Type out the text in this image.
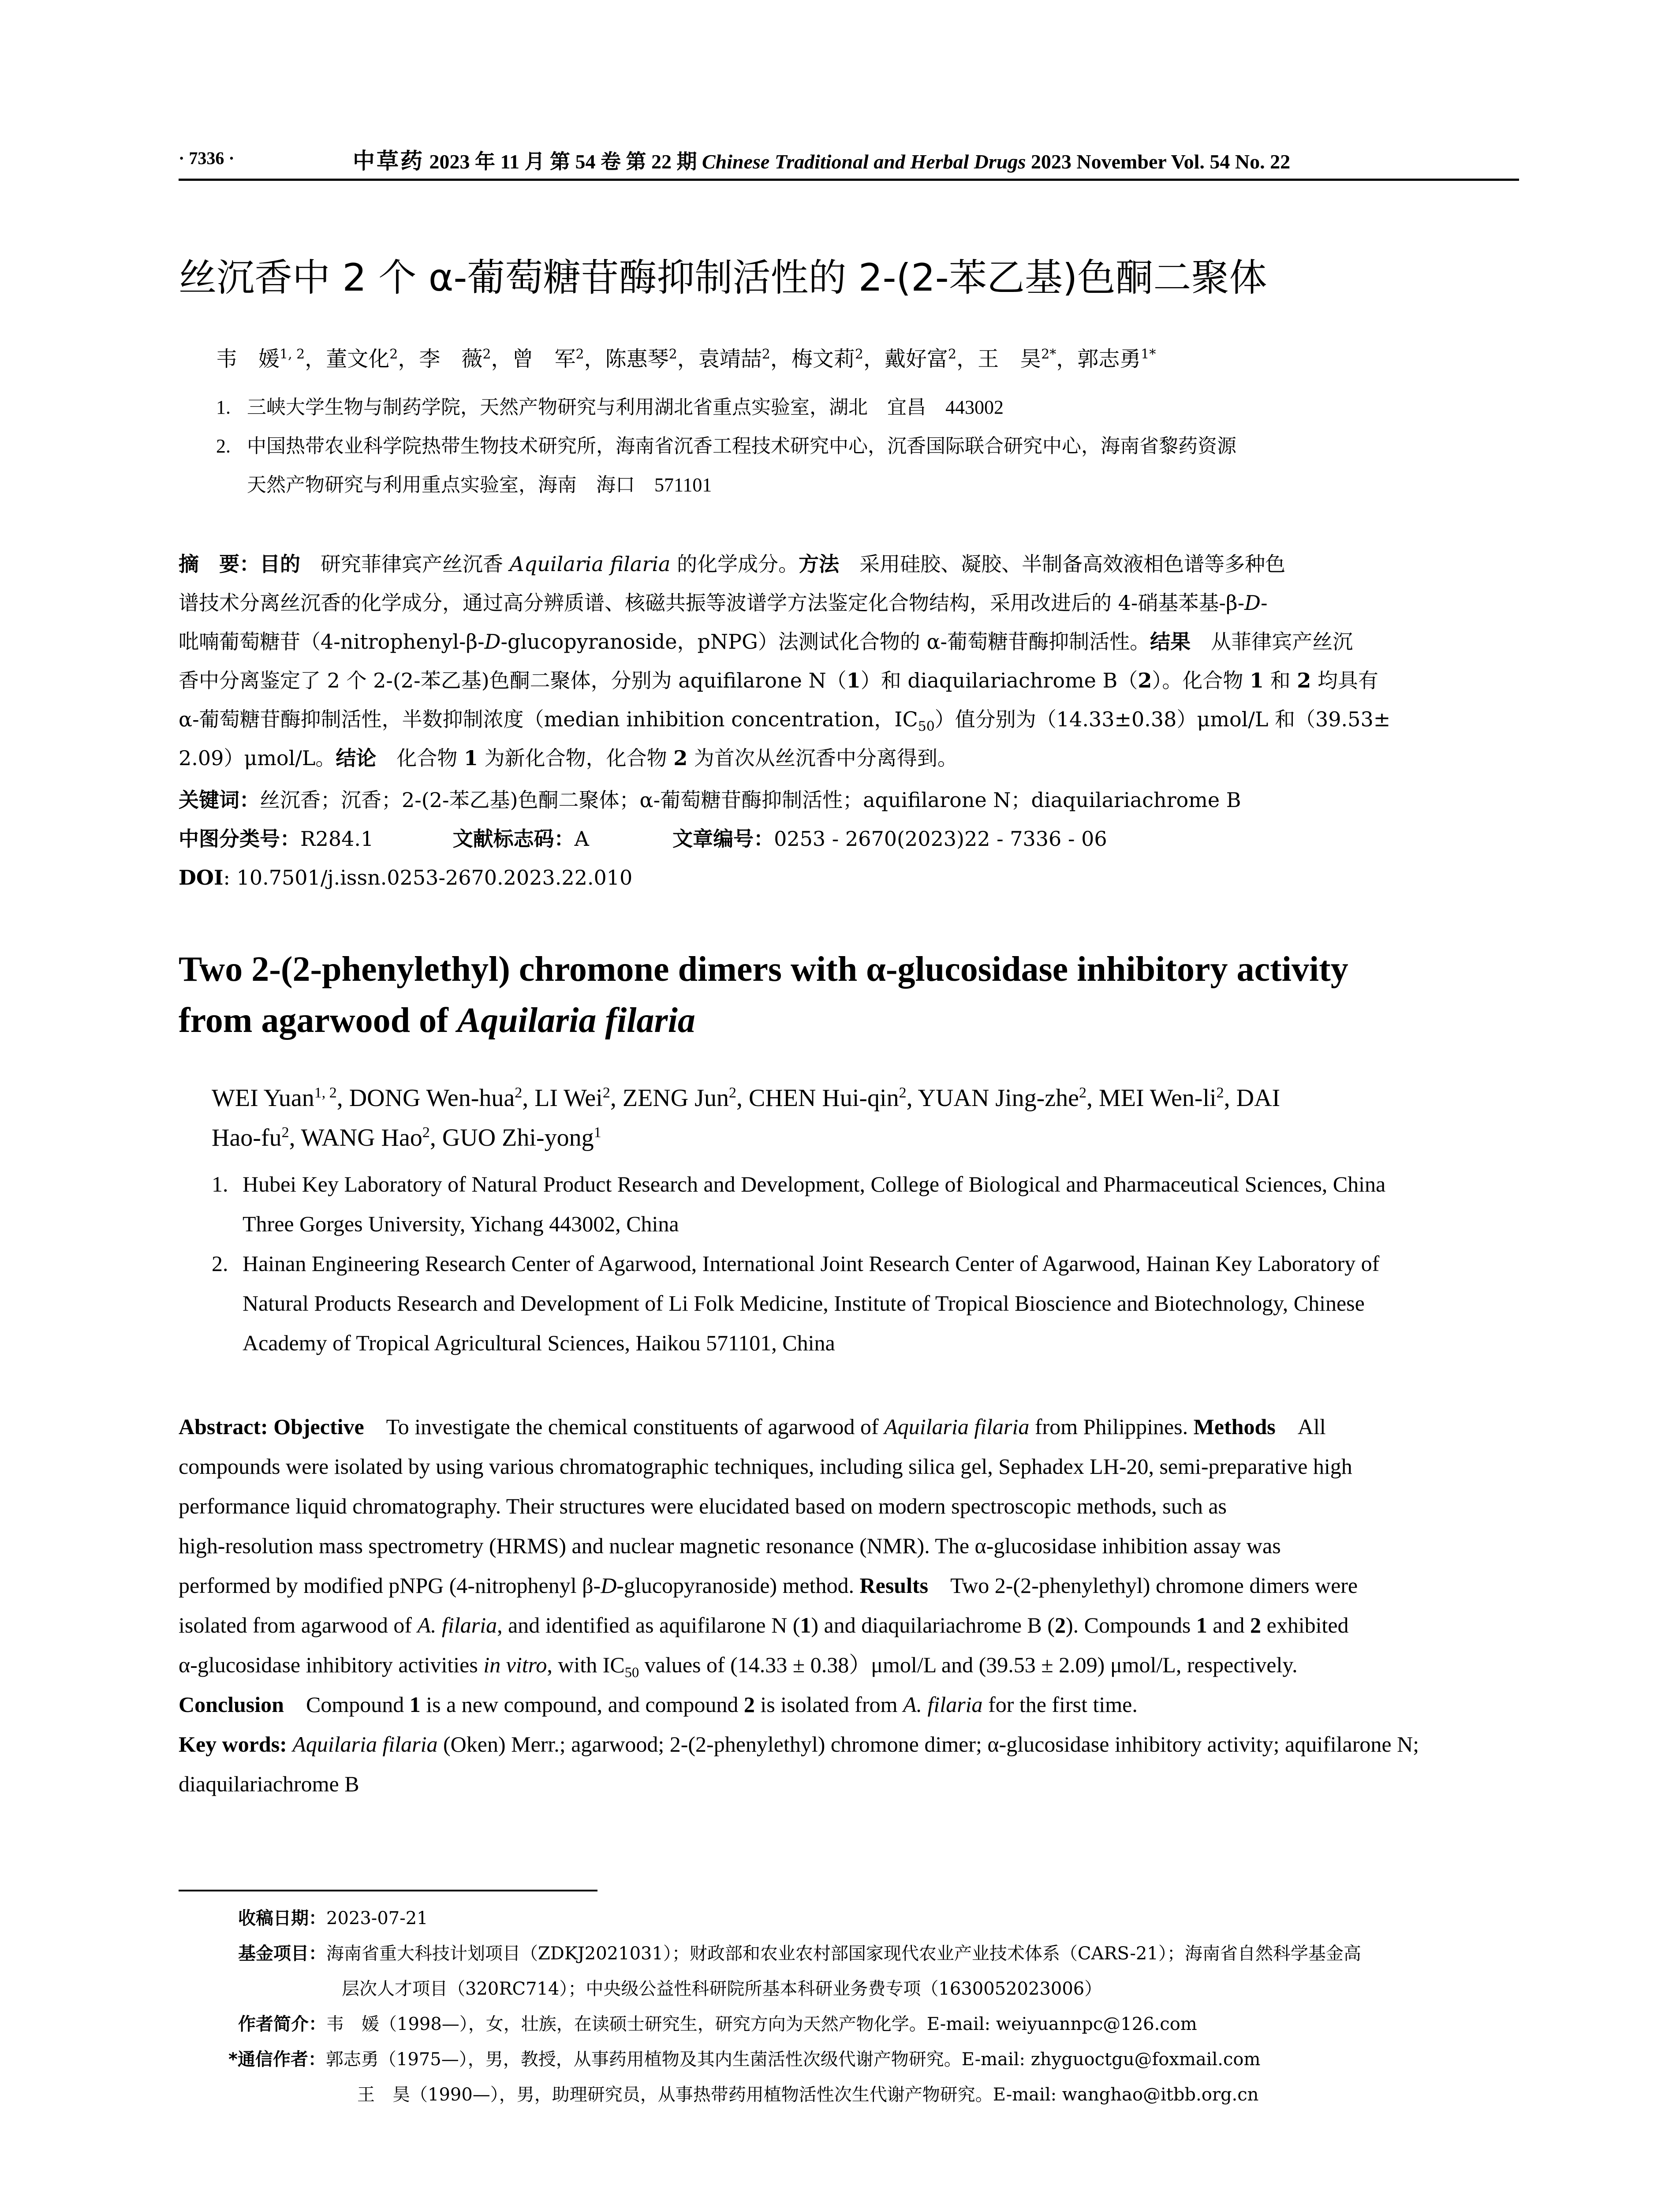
· 7336 ·	中草药 2023 年 11 月 第 54 卷 第 22 期 Chinese Traditional and Herbal Drugs 2023 November Vol. 54 No. 22
丝沉香中 2 个 α-葡萄糖苷酶抑制活性的 2-(2-苯乙基)色酮二聚体
韦　媛$^{1, 2}$，董文化$^2$，李　薇$^2$，曾　军$^2$，陈惠琴$^2$，袁靖喆$^2$，梅文莉$^2$，戴好富$^2$，王　昊$^{2*}$，郭志勇$^{1*}$
1. 三峡大学生物与制药学院，天然产物研究与利用湖北省重点实验室，湖北　宜昌　443002
2. 中国热带农业科学院热带生物技术研究所，海南省沉香工程技术研究中心，沉香国际联合研究中心，海南省黎药资源
天然产物研究与利用重点实验室，海南　海口　571101
摘　要：目的　研究菲律宾产丝沉香 Aquilaria filaria 的化学成分。方法　采用硅胶、凝胶、半制备高效液相色谱等多种色
谱技术分离丝沉香的化学成分，通过高分辨质谱、核磁共振等波谱学方法鉴定化合物结构，采用改进后的 4-硝基苯基-β-D-
吡喃葡萄糖苷（4-nitrophenyl-β-D-glucopyranoside，pNPG）法测试化合物的 α-葡萄糖苷酶抑制活性。结果　从菲律宾产丝沉
香中分离鉴定了 2 个 2-(2-苯乙基)色酮二聚体，分别为 aquifilarone N（1）和 diaquilariachrome B（2）。化合物 1 和 2 均具有
α-葡萄糖苷酶抑制活性，半数抑制浓度（median inhibition concentration，$IC_{50}$）值分别为（14.33±0.38）μmol/L 和（39.53±
2.09）μmol/L。结论　化合物 1 为新化合物，化合物 2 为首次从丝沉香中分离得到。
关键词：丝沉香；沉香；2-(2-苯乙基)色酮二聚体；α-葡萄糖苷酶抑制活性；aquifilarone N；diaquilariachrome B
中图分类号：R284.1	文献标志码：A	文章编号：0253 - 2670(2023)22 - 7336 - 06
DOI: 10.7501/j.issn.0253-2670.2023.22.010
Two 2-(2-phenylethyl) chromone dimers with α-glucosidase inhibitory activity
from agarwood of Aquilaria filaria
WEI Yuan$^{1, 2}$, DONG Wen-hua$^2$, LI Wei$^2$, ZENG Jun$^2$, CHEN Hui-qin$^2$, YUAN Jing-zhe$^2$, MEI Wen-$li^2$, DAI
Hao-$fu^2$, WANG Hao$^2$, GUO Zhi-yong$^1$
1. Hubei Key Laboratory of Natural Product Research and Development, College of Biological and Pharmaceutical Sciences, China
Three Gorges University, Yichang 443002, China
2. Hainan Engineering Research Center of Agarwood, International Joint Research Center of Agarwood, Hainan Key Laboratory of
Natural Products Research and Development of Li Folk Medicine, Institute of Tropical Bioscience and Biotechnology, Chinese
Academy of Tropical Agricultural Sciences, Haikou 571101, China
Abstract: Objective　To investigate the chemical constituents of agarwood of Aquilaria filaria from Philippines. Methods　All
compounds were isolated by using various chromatographic techniques, including silica gel, Sephadex LH-20, semi-preparative high
performance liquid chromatography. Their structures were elucidated based on modern spectroscopic methods, such as
high-resolution mass spectrometry (HRMS) and nuclear magnetic resonance (NMR). The α-glucosidase inhibition assay was
performed by modified pNPG (4-nitrophenyl β-D-glucopyranoside) method. Results　Two 2-(2-phenylethyl) chromone dimers were
isolated from agarwood of A. filaria, and identified as aquifilarone N (1) and diaquilariachrome B (2). Compounds 1 and 2 exhibited
α-glucosidase inhibitory activities in vitro, with $IC_{50}$ values of (14.33 ± 0.38）μmol/L and (39.53 ± 2.09) μmol/L, respectively.
Conclusion　Compound 1 is a new compound, and compound 2 is isolated from A. filaria for the first time.
Key words: Aquilaria filaria (Oken) Merr.; agarwood; 2-(2-phenylethyl) chromone dimer; α-glucosidase inhibitory activity; aquifilarone N;
diaquilariachrome B
收稿日期：2023-07-21
基金项目：海南省重大科技计划项目（ZDKJ2021031）；财政部和农业农村部国家现代农业产业技术体系（CARS-21）；海南省自然科学基金高
层次人才项目（320RC714）；中央级公益性科研院所基本科研业务费专项（1630052023006）
作者简介：韦　媛（1998—），女，壮族，在读硕士研究生，研究方向为天然产物化学。E-mail: weiyuannpc@126.com
*通信作者：郭志勇（1975—），男，教授，从事药用植物及其内生菌活性次级代谢产物研究。E-mail: zhyguoctgu@foxmail.com
王　昊（1990—），男，助理研究员，从事热带药用植物活性次生代谢产物研究。E-mail: wanghao@itbb.org.cn
